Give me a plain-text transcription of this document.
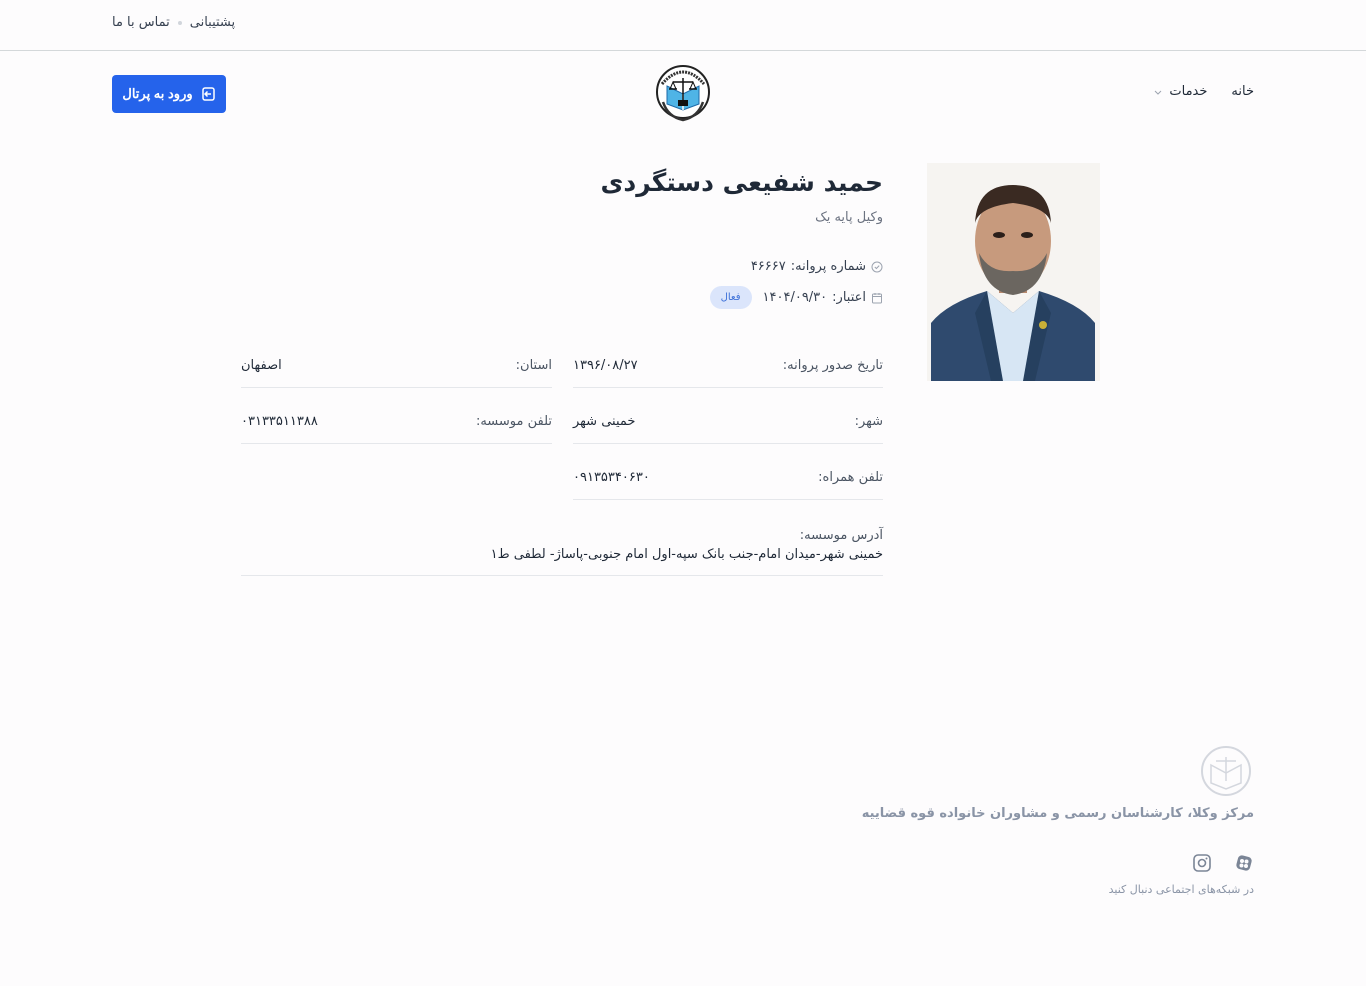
پشتیبانی
تماس با ما
خانه
خدمات
ورود به پرتال
حمید شفیعی دستگردی
وکیل پایه یک
شماره پروانه:
۴۶۶۶۷
اعتبار:
۱۴۰۴/۰۹/۳۰
فعال
تاریخ صدور پروانه:
۱۳۹۶/۰۸/۲۷
استان:
اصفهان
شهر:
خمینی شهر
تلفن موسسه:
۰۳۱۳۳۵۱۱۳۸۸
تلفن همراه:
۰۹۱۳۵۳۴۰۶۳۰
آدرس موسسه:
خمینی شهر-میدان امام-جنب بانک سپه-اول امام جنوبی-پاساژ- لطفی ط۱
مرکز وکلا، کارشناسان رسمی و مشاوران خانواده قوه قضاییه
در شبکه‌های اجتماعی دنبال کنید
